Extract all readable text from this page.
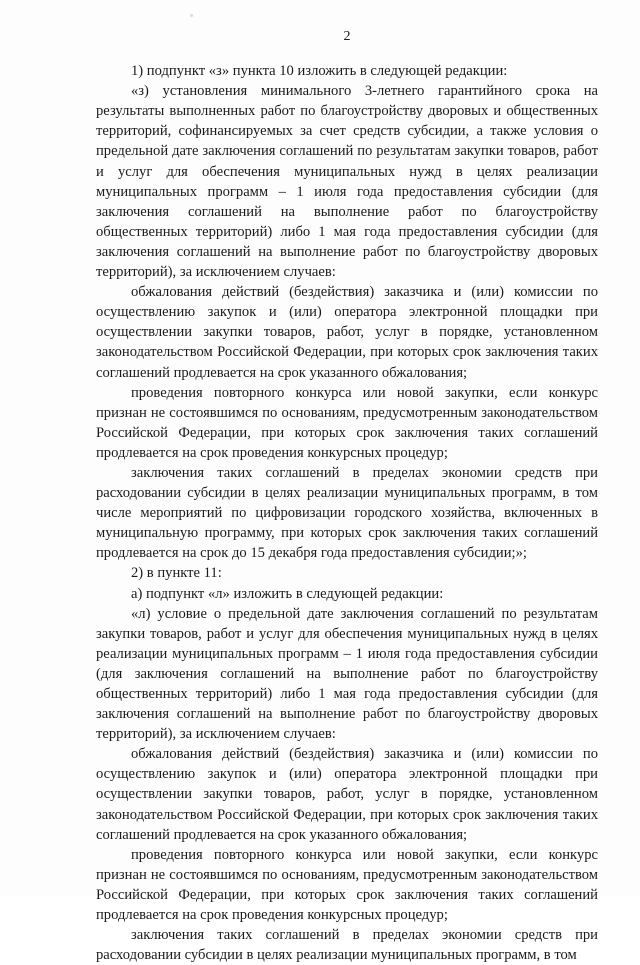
2

1) подпункт «з» пункта 10 изложить в следующей редакции:

«з) установления минимального 3-летнего гарантийного срока на результаты выполненных работ по благоустройству дворовых и общественных территорий, софинансируемых за счет средств субсидии, а также условия о предельной дате заключения соглашений по результатам закупки товаров, работ и услуг для обеспечения муниципальных нужд в целях реализации муниципальных программ – 1 июля года предоставления субсидии (для заключения соглашений на выполнение работ по благоустройству общественных территорий) либо 1 мая года предоставления субсидии (для заключения соглашений на выполнение работ по благоустройству дворовых территорий), за исключением случаев:

обжалования действий (бездействия) заказчика и (или) комиссии по осуществлению закупок и (или) оператора электронной площадки при осуществлении закупки товаров, работ, услуг в порядке, установленном законодательством Российской Федерации, при которых срок заключения таких соглашений продлевается на срок указанного обжалования;

проведения повторного конкурса или новой закупки, если конкурс признан не состоявшимся по основаниям, предусмотренным законодательством Российской Федерации, при которых срок заключения таких соглашений продлевается на срок проведения конкурсных процедур;

заключения таких соглашений в пределах экономии средств при расходовании субсидии в целях реализации муниципальных программ, в том числе мероприятий по цифровизации городского хозяйства, включенных в муниципальную программу, при которых срок заключения таких соглашений продлевается на срок до 15 декабря года предоставления субсидии;»;

2) в пункте 11:

а) подпункт «л» изложить в следующей редакции:

«л) условие о предельной дате заключения соглашений по результатам закупки товаров, работ и услуг для обеспечения муниципальных нужд в целях реализации муниципальных программ – 1 июля года предоставления субсидии (для заключения соглашений на выполнение работ по благоустройству общественных территорий) либо 1 мая года предоставления субсидии (для заключения соглашений на выполнение работ по благоустройству дворовых территорий), за исключением случаев:

обжалования действий (бездействия) заказчика и (или) комиссии по осуществлению закупок и (или) оператора электронной площадки при осуществлении закупки товаров, работ, услуг в порядке, установленном законодательством Российской Федерации, при которых срок заключения таких соглашений продлевается на срок указанного обжалования;

проведения повторного конкурса или новой закупки, если конкурс признан не состоявшимся по основаниям, предусмотренным законодательством Российской Федерации, при которых срок заключения таких соглашений продлевается на срок проведения конкурсных процедур;

заключения таких соглашений в пределах экономии средств при расходовании субсидии в целях реализации муниципальных программ, в том
